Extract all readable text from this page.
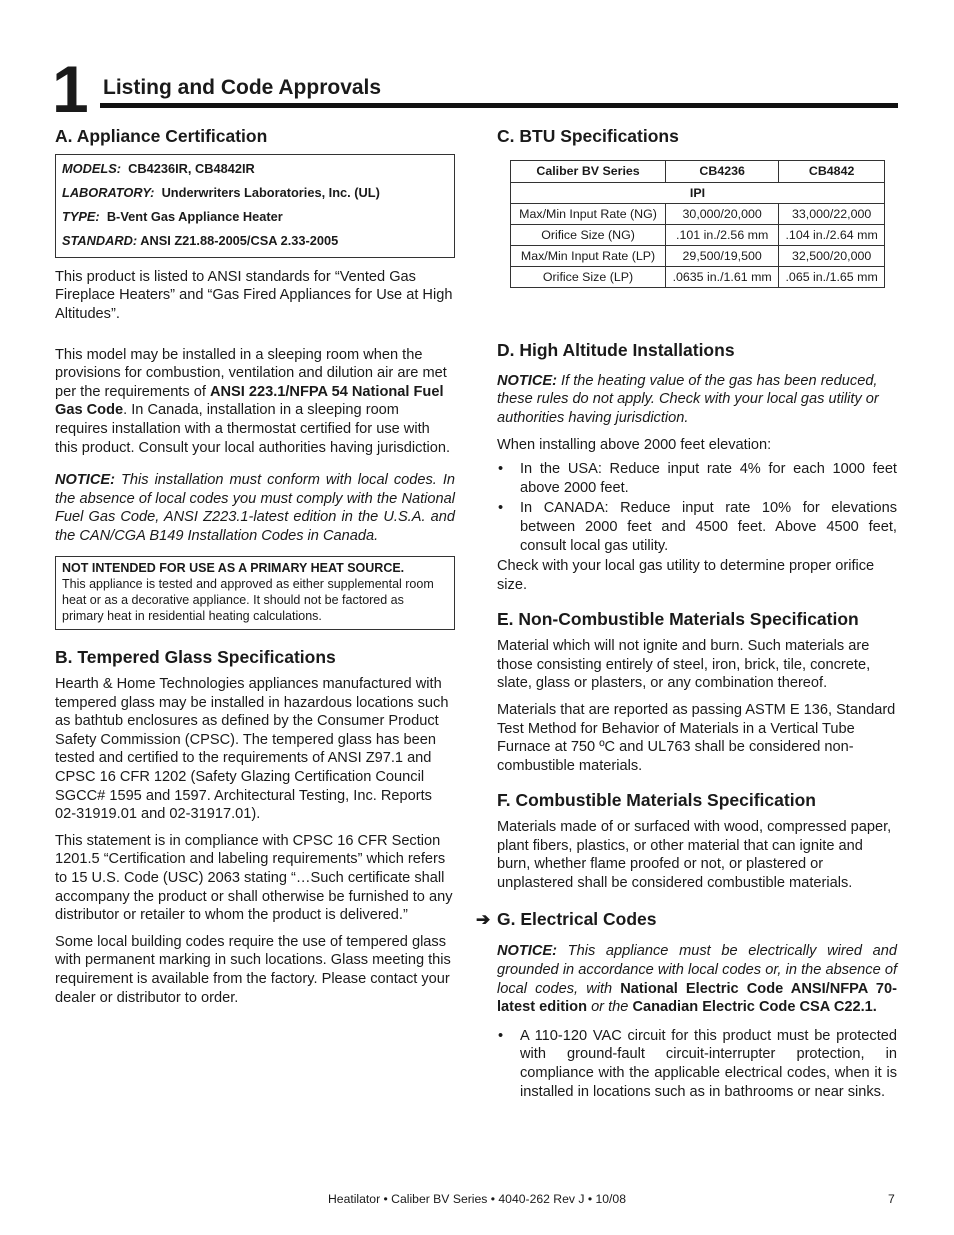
1 Listing and Code Approvals
A. Appliance Certification
MODELS: CB4236IR, CB4842IR
LABORATORY: Underwriters Laboratories, Inc. (UL)
TYPE: B-Vent Gas Appliance Heater
STANDARD: ANSI Z21.88-2005/CSA 2.33-2005

This product is listed to ANSI standards for “Vented Gas Fireplace Heaters” and “Gas Fired Appliances for Use at High Altitudes”.

This model may be installed in a sleeping room when the provisions for combustion, ventilation and dilution air are met per the requirements of ANSI 223.1/NFPA 54 National Fuel Gas Code. In Canada, installation in a sleeping room requires installation with a thermostat certified for use with this product. Consult your local authorities having jurisdiction.

NOTICE: This installation must conform with local codes. In the absence of local codes you must comply with the National Fuel Gas Code, ANSI Z223.1-latest edition in the U.S.A. and the CAN/CGA B149 Installation Codes in Canada.

NOT INTENDED FOR USE AS A PRIMARY HEAT SOURCE.
This appliance is tested and approved as either supplemental room heat or as a decorative appliance. It should not be factored as primary heat in residential heating calculations.
B. Tempered Glass Specifications

Hearth & Home Technologies appliances manufactured with tempered glass may be installed in hazardous locations such as bathtub enclosures as defined by the Consumer Product Safety Commission (CPSC). The tempered glass has been tested and certified to the requirements of ANSI Z97.1 and CPSC 16 CFR 1202 (Safety Glazing Certification Council SGCC# 1595 and 1597. Architectural Testing, Inc. Reports 02-31919.01 and 02-31917.01).

This statement is in compliance with CPSC 16 CFR Section 1201.5 “Certification and labeling requirements” which refers to 15 U.S. Code (USC) 2063 stating “…Such certificate shall accompany the product or shall otherwise be furnished to any distributor or retailer to whom the product is delivered.”

Some local building codes require the use of tempered glass with permanent marking in such locations. Glass meeting this requirement is available from the factory. Please contact your dealer or distributor to order.

C. BTU Specifications
Caliber BV Series	CB4236	CB4842
IPI		
Max/Min Input Rate (NG)	30,000/20,000	33,000/22,000
Orifice Size (NG)	.101 in./2.56 mm	.104 in./2.64 mm
Max/Min Input Rate (LP)	29,500/19,500	32,500/20,000
Orifice Size (LP)	.0635 in./1.61 mm	.065 in./1.65 mm
D. High Altitude Installations

NOTICE: If the heating value of the gas has been reduced, these rules do not apply. Check with your local gas utility or authorities having jurisdiction.

When installing above 2000 feet elevation:

• In the USA: Reduce input rate 4% for each 1000 feet above 2000 feet.
• In CANADA: Reduce input rate 10% for elevations between 2000 feet and 4500 feet. Above 4500 feet, consult local gas utility.

Check with your local gas utility to determine proper orifice size.

E. Non-Combustible Materials Specification

Material which will not ignite and burn. Such materials are those consisting entirely of steel, iron, brick, tile, concrete, slate, glass or plasters, or any combination thereof.

Materials that are reported as passing ASTM E 136, Standard Test Method for Behavior of Materials in a Vertical Tube Furnace at 750 ºC and UL763 shall be considered non-combustible materials.

F. Combustible Materials Specification

Materials made of or surfaced with wood, compressed paper, plant fibers, plastics, or other material that can ignite and burn, whether flame proofed or not, or plastered or unplastered shall be considered combustible materials.

➔ G. Electrical Codes

NOTICE: This appliance must be electrically wired and grounded in accordance with local codes or, in the absence of local codes, with National Electric Code ANSI/NFPA 70-latest edition or the Canadian Electric Code CSA C22.1.

• A 110-120 VAC circuit for this product must be protected with ground-fault circuit-interrupter protection, in compliance with the applicable electrical codes, when it is installed in locations such as in bathrooms or near sinks.
Heatilator • Caliber BV Series • 4040-262 Rev J • 10/08	7
